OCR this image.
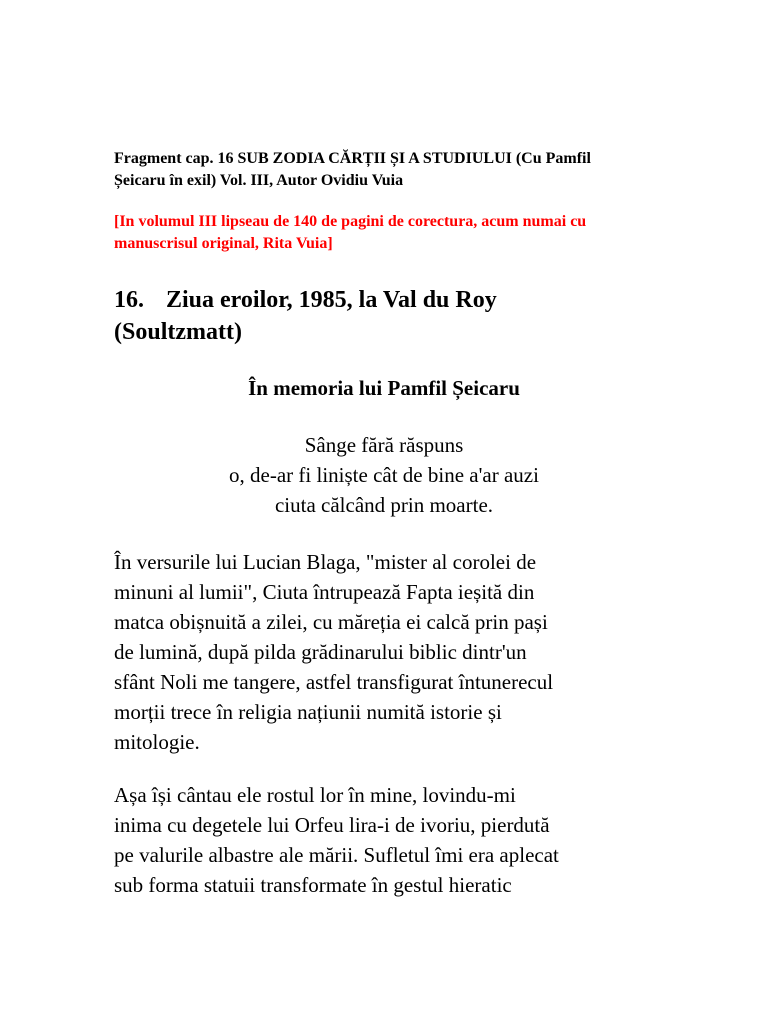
Fragment cap. 16 SUB ZODIA CĂRȚII ȘI A STUDIULUI (Cu Pamfil
Șeicaru în exil) Vol. III, Autor Ovidiu Vuia
[In volumul III lipseau de 140 de pagini de corectura, acum numai cu
manuscrisul original, Rita Vuia]
16. Ziua eroilor, 1985, la Val du Roy
(Soultzmatt)
În memoria lui Pamfil Șeicaru
Sânge fără răspuns
o, de-ar fi liniște cât de bine a'ar auzi
ciuta călcând prin moarte.
În versurile lui Lucian Blaga, "mister al corolei de
minuni al lumii", Ciuta întrupează Fapta ieșită din
matca obișnuită a zilei, cu măreția ei calcă prin pași
de lumină, după pilda grădinarului biblic dintr'un
sfânt Noli me tangere, astfel transfigurat întunerecul
morții trece în religia națiunii numită istorie și
mitologie.
Așa își cântau ele rostul lor în mine, lovindu-mi
inima cu degetele lui Orfeu lira-i de ivoriu, pierdută
pe valurile albastre ale mării. Sufletul îmi era aplecat
sub forma statuii transformate în gestul hieratic
